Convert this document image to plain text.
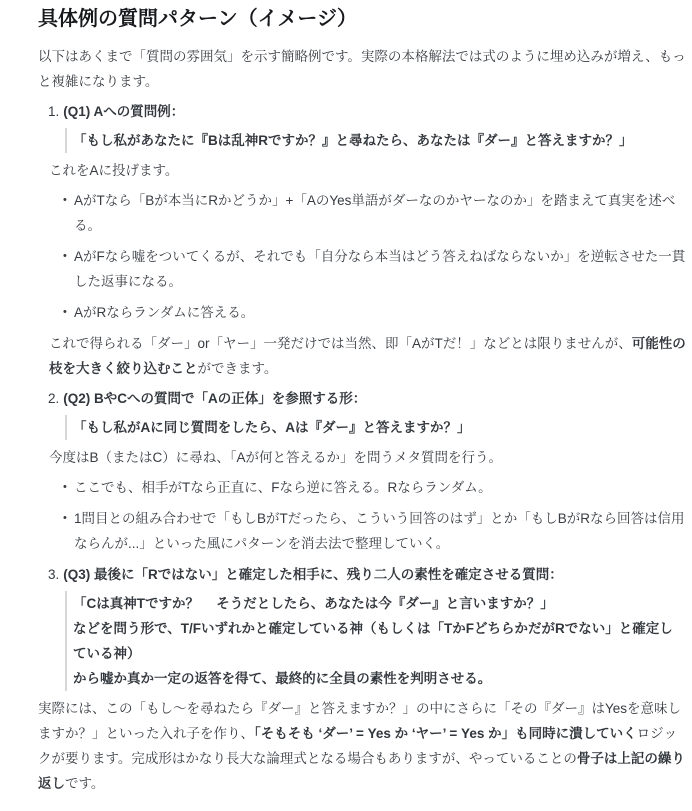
具体例の質問パターン（イメージ）

以下はあくまで「質問の雰囲気」を示す簡略例です。実際の本格解法では式のように埋め込みが増え、もっと複雑になります。

1. (Q1) Aへの質問例：

「もし私があなたに『Bは乱神Rですか？』と尋ねたら、あなたは『ダー』と答えますか？」

これをAに投げます。

• AがTなら「Bが本当にRかどうか」+「AのYes単語がダーなのかヤーなのか」を踏まえて真実を述べる。
• AがFなら嘘をついてくるが、それでも「自分なら本当はどう答えねばならないか」を逆転させた一貫した返事になる。
• AがRならランダムに答える。

これで得られる「ダー」or「ヤー」一発だけでは当然、即「AがTだ！」などとは限りませんが、可能性の枝を大きく絞り込むことができます。

2. (Q2) BやCへの質問で「Aの正体」を参照する形：

「もし私がAに同じ質問をしたら、Aは『ダー』と答えますか？」

今度はB（またはC）に尋ね、「Aが何と答えるか」を問うメタ質問を行う。

• ここでも、相手がTなら正直に、Fなら逆に答える。Rならランダム。
• 1問目との組み合わせで「もしBがTだったら、こういう回答のはず」とか「もしBがRなら回答は信用ならんが...」といった風にパターンを消去法で整理していく。

3. (Q3) 最後に「Rではない」と確定した相手に、残り二人の素性を確定させる質問：

「Cは真神Tですか？　 そうだとしたら、あなたは今『ダー』と言いますか？」
などを問う形で、T/Fいずれかと確定している神（もしくは「TかFどちらかだがRでない」と確定している神）
から嘘か真か一定の返答を得て、最終的に全員の素性を判明させる。

実際には、この「もし～を尋ねたら『ダー』と答えますか？」の中にさらに「その『ダー』はYesを意味しますか？」といった入れ子を作り、「そもそも ‘ダー’ = Yes か ‘ヤー’ = Yes か」も同時に潰していくロジックが要ります。完成形はかなり長大な論理式となる場合もありますが、やっていることの骨子は上記の繰り返しです。
